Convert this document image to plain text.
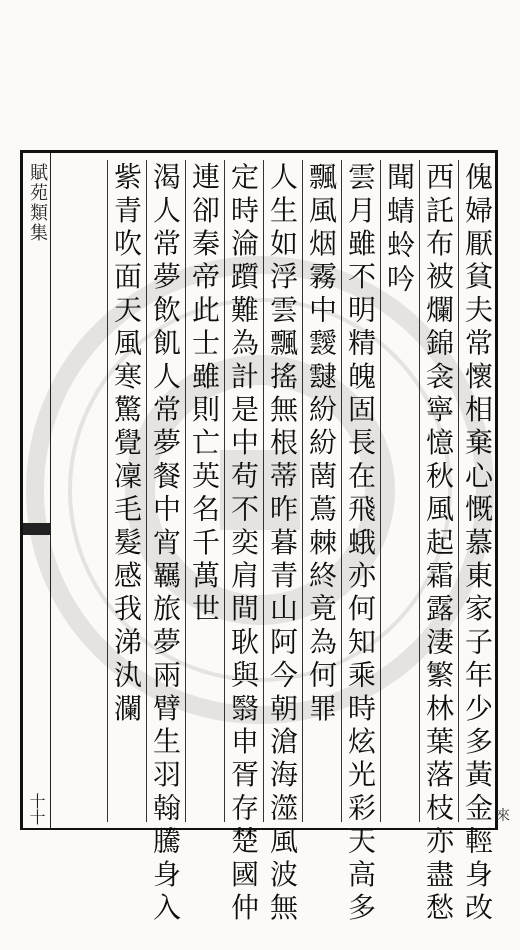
賦苑類集
十十	傀婦厭貧夫常懷相棄心慨慕東家子年少多黃金輕身改
西託布被爛錦衾寧憶秋風起霜露淒繁林葉落枝亦盡愁
聞蜻蛉吟
雲月雖不明精魄固長在飛蛾亦何知乘時炫光彩天高多
飄風烟霧中靉靆紛紛菵蔦棘終竟為何罪
人生如浮雲飄搖無根蒂昨暮青山阿今朝滄海澨風波無
定時淪躓難為計是中苟不奕肩間耿與翳申胥存楚國仲
連卻秦帝此士雖則亡英名千萬世
渴人常夢飲飢人常夢餐中宵羈旅夢兩臂生羽翰騰身入
紫青吹面天風寒驚覺凜毛髮感我涕汍瀾
來
